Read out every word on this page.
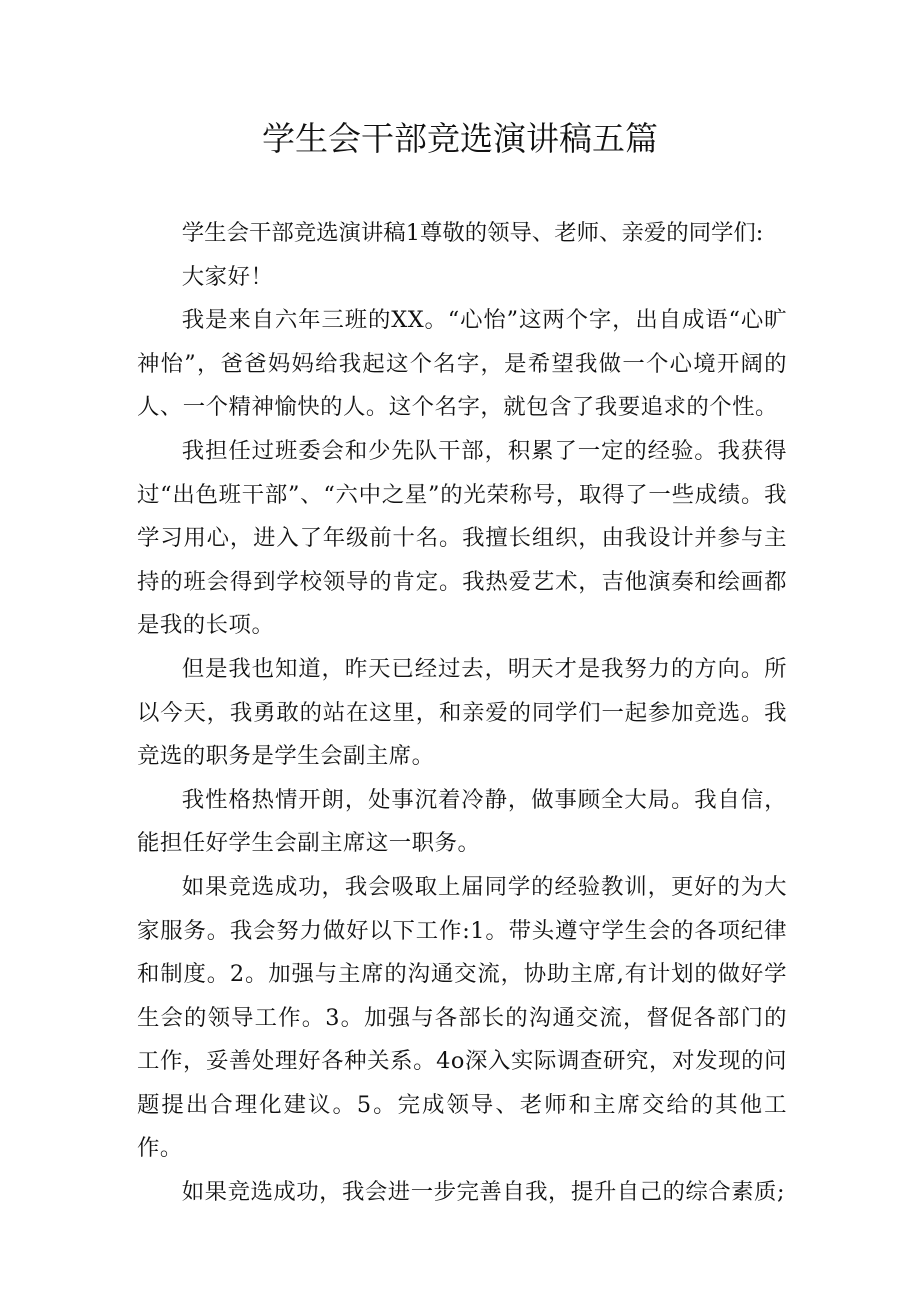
学生会干部竞选演讲稿五篇

学生会干部竞选演讲稿1尊敬的领导、老师、亲爱的同学们:

大家好！

我是来自六年三班的XX。“心怡”这两个字，出自成语“心旷神怡”，爸爸妈妈给我起这个名字，是希望我做一个心境开阔的人、一个精神愉快的人。这个名字，就包含了我要追求的个性。

我担任过班委会和少先队干部，积累了一定的经验。我获得过“出色班干部”、“六中之星”的光荣称号，取得了一些成绩。我学习用心，进入了年级前十名。我擅长组织，由我设计并参与主持的班会得到学校领导的肯定。我热爱艺术，吉他演奏和绘画都是我的长项。

但是我也知道，昨天已经过去，明天才是我努力的方向。所以今天，我勇敢的站在这里，和亲爱的同学们一起参加竞选。我竞选的职务是学生会副主席。

我性格热情开朗，处事沉着冷静，做事顾全大局。我自信，能担任好学生会副主席这一职务。

如果竞选成功，我会吸取上届同学的经验教训，更好的为大家服务。我会努力做好以下工作:1。带头遵守学生会的各项纪律和制度。2。加强与主席的沟通交流，协助主席,有计划的做好学生会的领导工作。3。加强与各部长的沟通交流，督促各部门的工作，妥善处理好各种关系。4o深入实际调查研究，对发现的问题提出合理化建议。5。完成领导、老师和主席交给的其他工作。

如果竞选成功，我会进一步完善自我，提升自己的综合素质;
